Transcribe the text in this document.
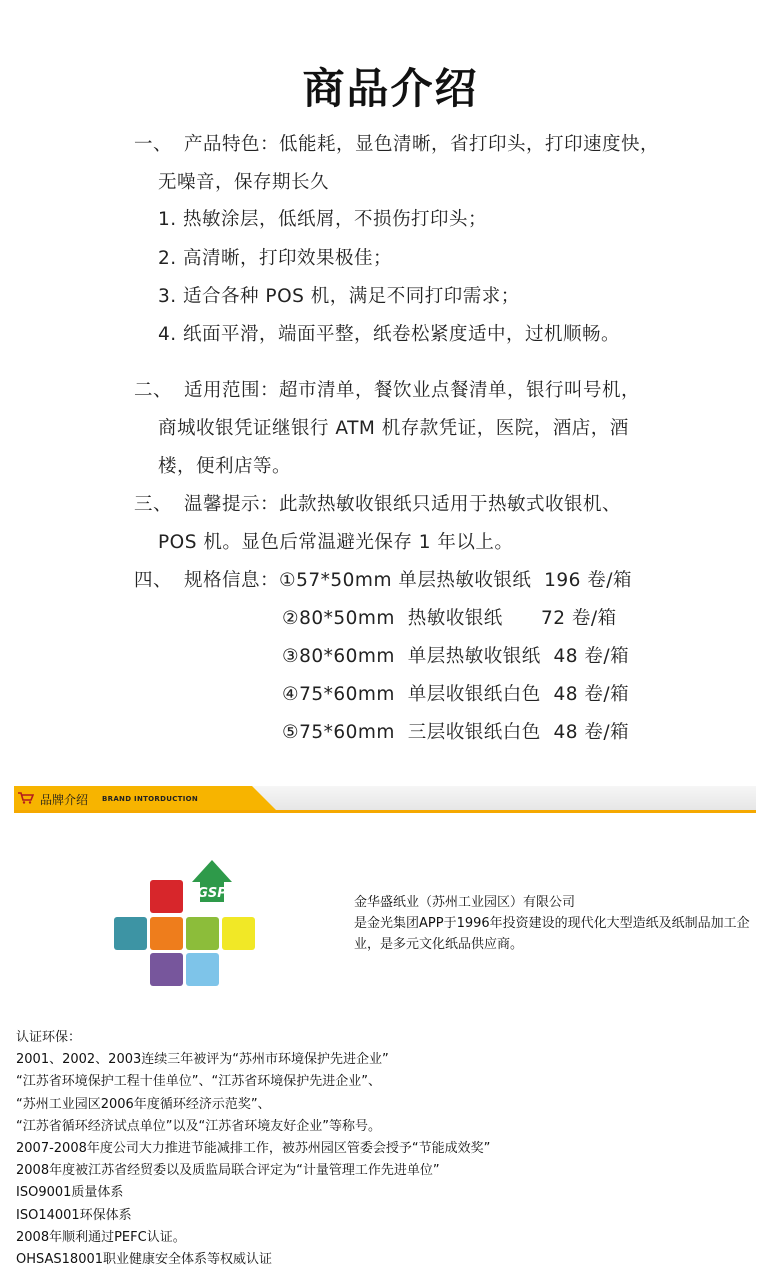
商品介绍
一、 产品特色：低能耗，显色清晰，省打印头，打印速度快，
无噪音，保存期长久
1. 热敏涂层，低纸屑，不损伤打印头；
2. 高清晰，打印效果极佳；
3. 适合各种 POS 机，满足不同打印需求；
4. 纸面平滑，端面平整，纸卷松紧度适中，过机顺畅。
二、 适用范围：超市清单，餐饮业点餐清单，银行叫号机，
商城收银凭证继银行 ATM 机存款凭证，医院，酒店，酒
楼，便利店等。
三、 温馨提示：此款热敏收银纸只适用于热敏式收银机、
POS 机。显色后常温避光保存 1 年以上。
四、 规格信息：①57*50mm 单层热敏收银纸  196 卷/箱
②80*50mm  热敏收银纸      72 卷/箱
③80*60mm  单层热敏收银纸  48 卷/箱
④75*60mm  单层收银纸白色  48 卷/箱
⑤75*60mm  三层收银纸白色  48 卷/箱
品牌介绍 BRAND INTORDUCTION
GSP
金华盛纸业（苏州工业园区）有限公司
是金光集团APP于1996年投资建设的现代化大型造纸及纸制品加工企业，是多元文化纸品供应商。
认证环保：
2001、2002、2003连续三年被评为“苏州市环境保护先进企业”
“江苏省环境保护工程十佳单位”、“江苏省环境保护先进企业”、
“苏州工业园区2006年度循环经济示范奖”、
“江苏省循环经济试点单位”以及“江苏省环境友好企业”等称号。
2007-2008年度公司大力推进节能减排工作，被苏州园区管委会授予“节能成效奖”
2008年度被江苏省经贸委以及质监局联合评定为“计量管理工作先进单位”
ISO9001质量体系
ISO14001环保体系
2008年顺利通过PEFC认证。
OHSAS18001职业健康安全体系等权威认证
